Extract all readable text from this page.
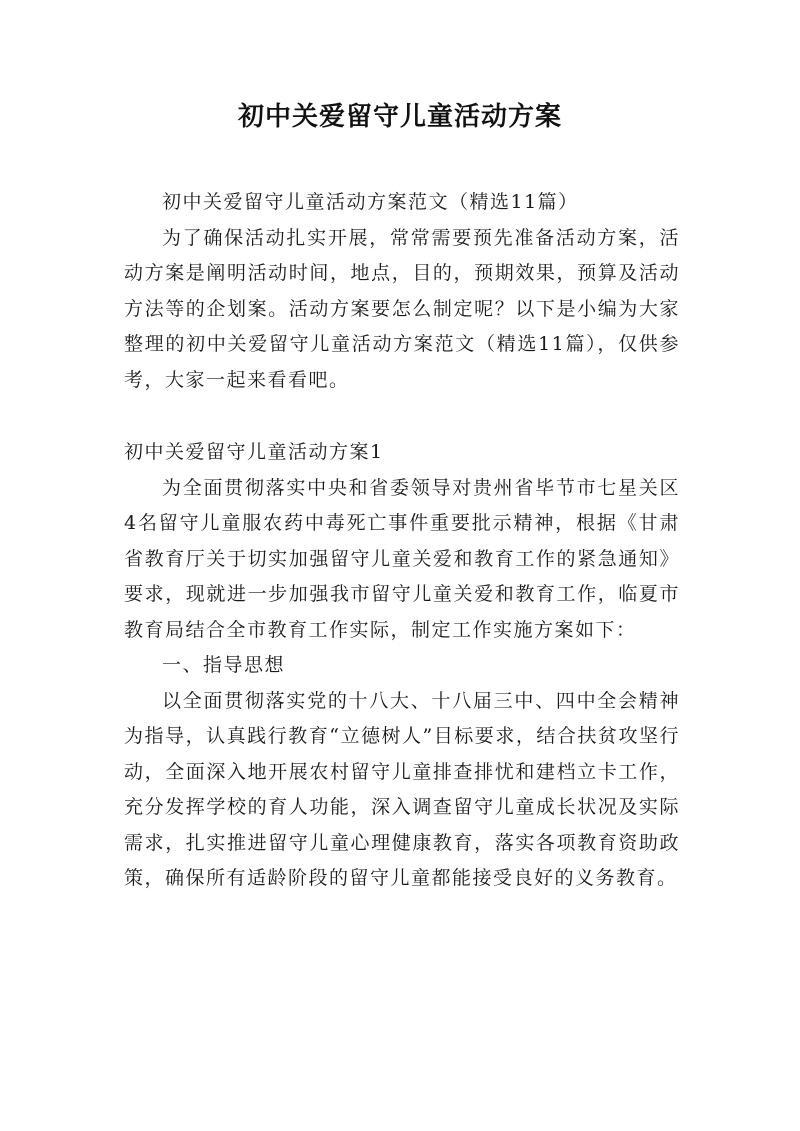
初中关爱留守儿童活动方案

初中关爱留守儿童活动方案范文（精选11篇）

为了确保活动扎实开展，常常需要预先准备活动方案，活动方案是阐明活动时间，地点，目的，预期效果，预算及活动方法等的企划案。活动方案要怎么制定呢？以下是小编为大家整理的初中关爱留守儿童活动方案范文（精选11篇），仅供参考，大家一起来看看吧。

初中关爱留守儿童活动方案1

为全面贯彻落实中央和省委领导对贵州省毕节市七星关区4名留守儿童服农药中毒死亡事件重要批示精神，根据《甘肃省教育厅关于切实加强留守儿童关爱和教育工作的紧急通知》要求，现就进一步加强我市留守儿童关爱和教育工作，临夏市教育局结合全市教育工作实际，制定工作实施方案如下：

一、指导思想

以全面贯彻落实党的十八大、十八届三中、四中全会精神为指导，认真践行教育“立德树人”目标要求，结合扶贫攻坚行动，全面深入地开展农村留守儿童排查排忧和建档立卡工作，充分发挥学校的育人功能，深入调查留守儿童成长状况及实际需求，扎实推进留守儿童心理健康教育，落实各项教育资助政策，确保所有适龄阶段的留守儿童都能接受良好的义务教育。
